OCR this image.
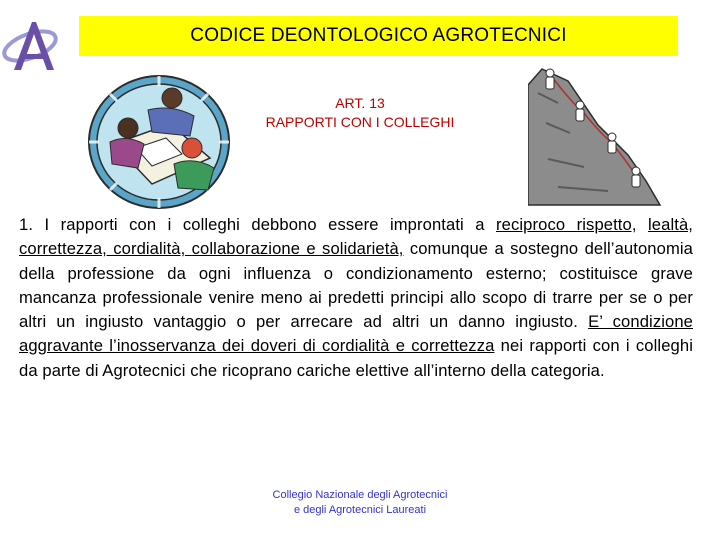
CODICE DEONTOLOGICO AGROTECNICI
ART. 13
RAPPORTI CON I COLLEGHI
1. I rapporti con i colleghi debbono essere improntati a reciproco rispetto, lealtà, correttezza, cordialità, collaborazione e solidarietà, comunque a sostegno dell’autonomia della professione da ogni influenza o condizionamento esterno; costituisce grave mancanza professionale venire meno ai predetti principi allo scopo di trarre per se o per altri un ingiusto vantaggio o per arrecare ad altri un danno ingiusto. E’ condizione aggravante l’inosservanza dei doveri di cordialità e correttezza nei rapporti con i colleghi da parte di Agrotecnici che ricoprano cariche elettive all’interno della categoria.
Collegio Nazionale degli Agrotecnici
e degli Agrotecnici Laureati
